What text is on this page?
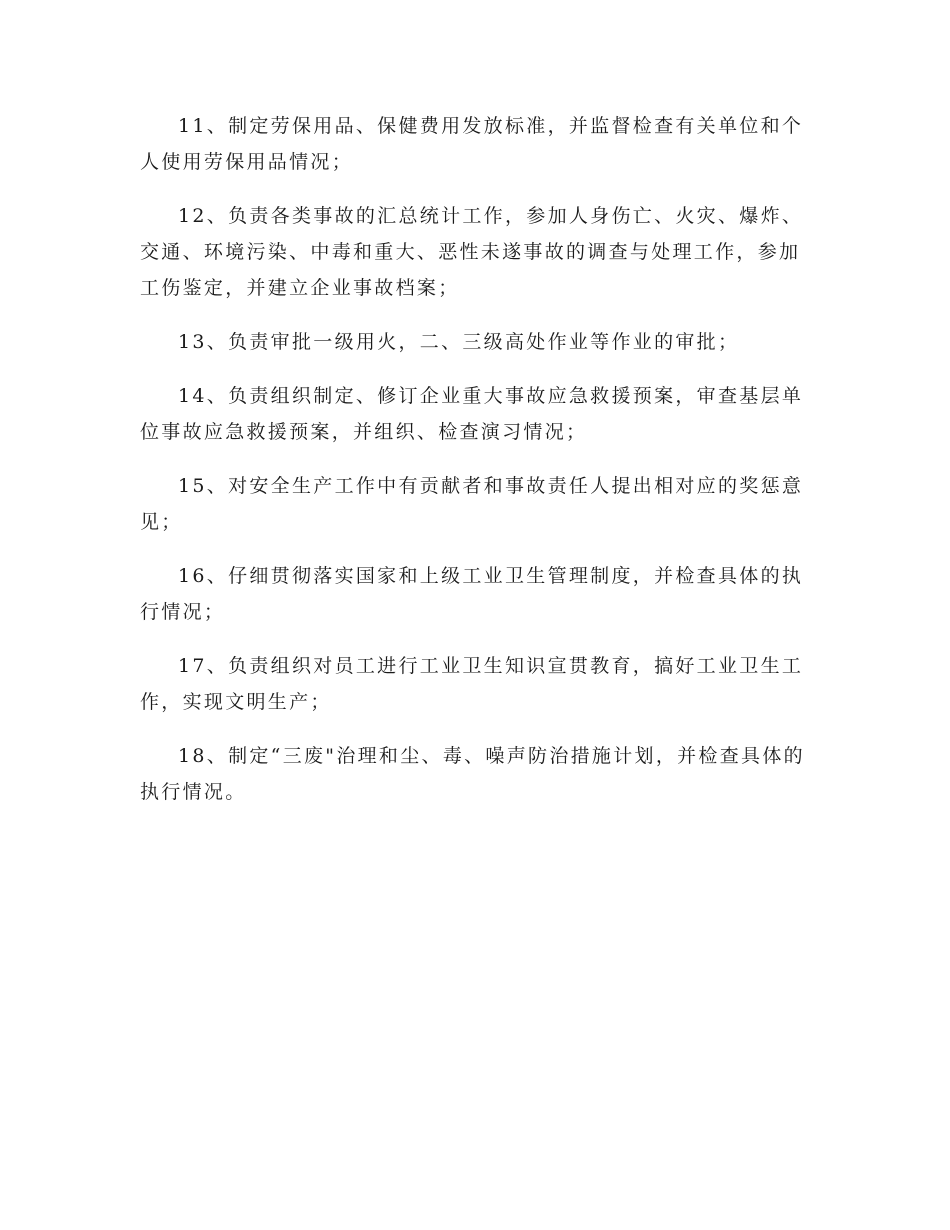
11、制定劳保用品、保健费用发放标准，并监督检查有关单位和个人使用劳保用品情况；

12、负责各类事故的汇总统计工作，参加人身伤亡、火灾、爆炸、交通、环境污染、中毒和重大、恶性未遂事故的调查与处理工作，参加工伤鉴定，并建立企业事故档案；

13、负责审批一级用火，二、三级高处作业等作业的审批；

14、负责组织制定、修订企业重大事故应急救援预案，审查基层单位事故应急救援预案，并组织、检查演习情况；

15、对安全生产工作中有贡献者和事故责任人提出相对应的奖惩意见；

16、仔细贯彻落实国家和上级工业卫生管理制度，并检查具体的执行情况；

17、负责组织对员工进行工业卫生知识宣贯教育，搞好工业卫生工作，实现文明生产；

18、制定“三废"治理和尘、毒、噪声防治措施计划，并检查具体的执行情况。
